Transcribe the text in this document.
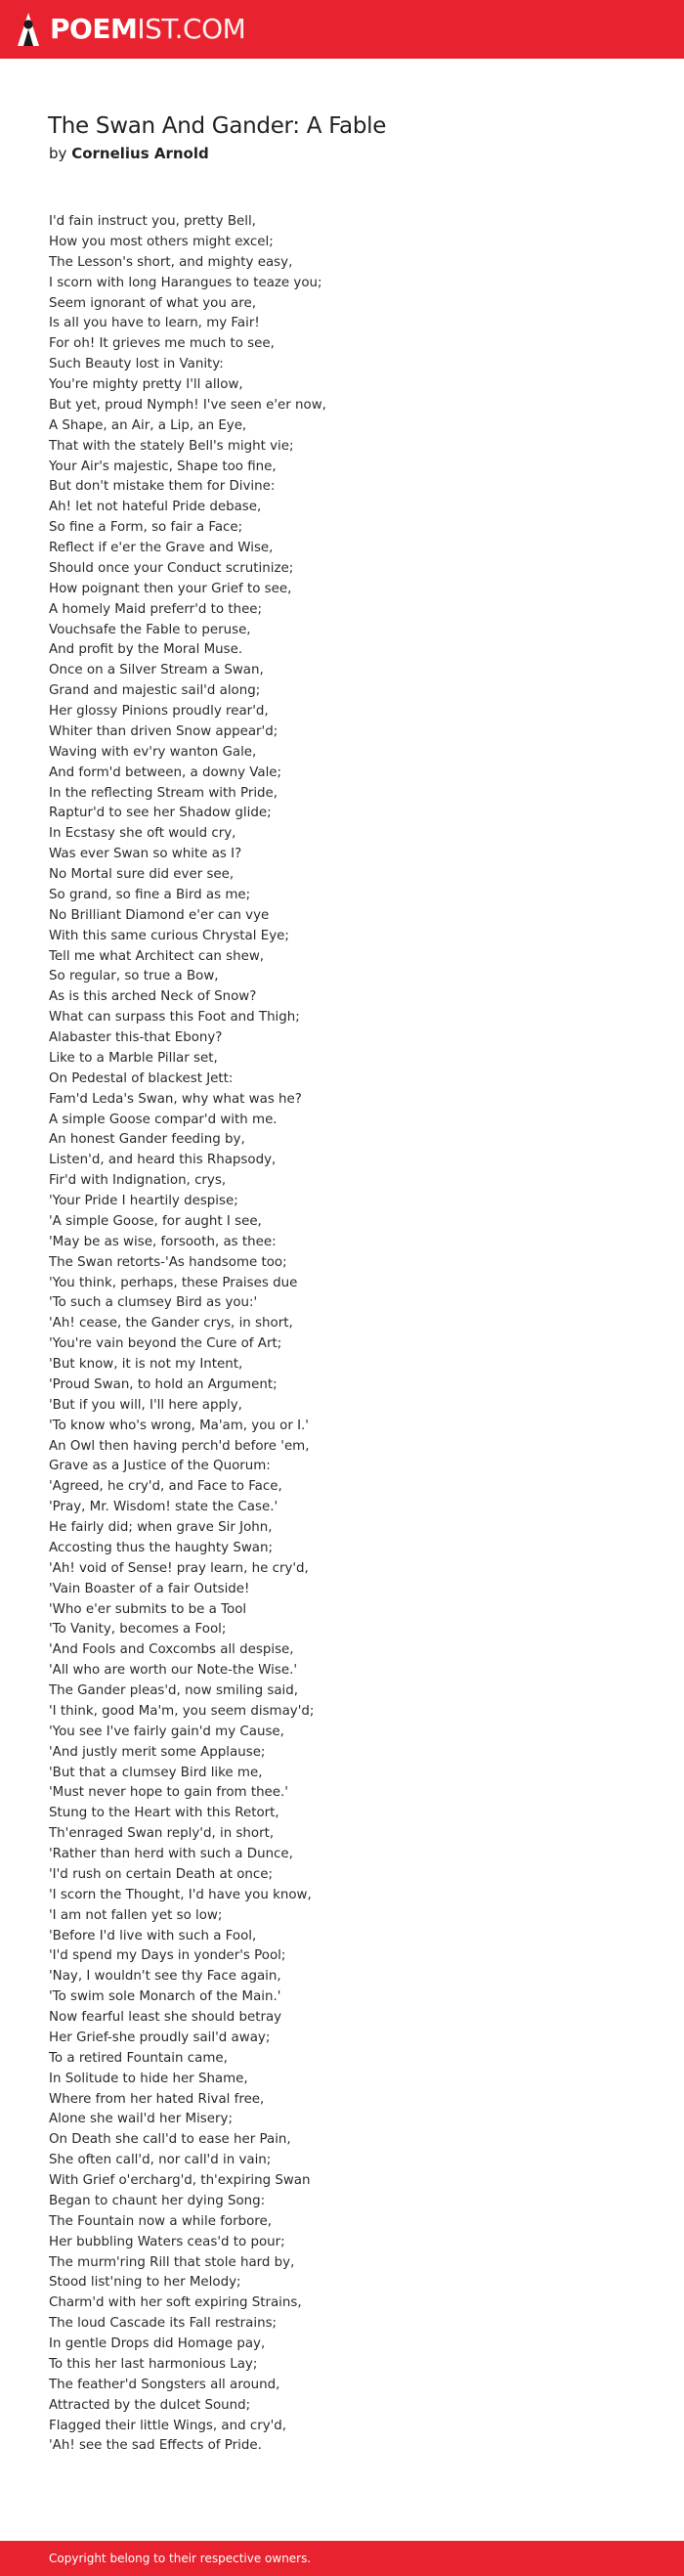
POEMIST.COM
The Swan And Gander: A Fable
by Cornelius Arnold
I'd fain instruct you, pretty Bell,
How you most others might excel;
The Lesson's short, and mighty easy,
I scorn with long Harangues to teaze you;
Seem ignorant of what you are,
Is all you have to learn, my Fair!
For oh! It grieves me much to see,
Such Beauty lost in Vanity:
You're mighty pretty I'll allow,
But yet, proud Nymph! I've seen e'er now,
A Shape, an Air, a Lip, an Eye,
That with the stately Bell's might vie;
Your Air's majestic, Shape too fine,
But don't mistake them for Divine:
Ah! let not hateful Pride debase,
So fine a Form, so fair a Face;
Reflect if e'er the Grave and Wise,
Should once your Conduct scrutinize;
How poignant then your Grief to see,
A homely Maid preferr'd to thee;
Vouchsafe the Fable to peruse,
And profit by the Moral Muse.
Once on a Silver Stream a Swan,
Grand and majestic sail'd along;
Her glossy Pinions proudly rear'd,
Whiter than driven Snow appear'd;
Waving with ev'ry wanton Gale,
And form'd between, a downy Vale;
In the reflecting Stream with Pride,
Raptur'd to see her Shadow glide;
In Ecstasy she oft would cry,
Was ever Swan so white as I?
No Mortal sure did ever see,
So grand, so fine a Bird as me;
No Brilliant Diamond e'er can vye
With this same curious Chrystal Eye;
Tell me what Architect can shew,
So regular, so true a Bow,
As is this arched Neck of Snow?
What can surpass this Foot and Thigh;
Alabaster this-that Ebony?
Like to a Marble Pillar set,
On Pedestal of blackest Jett:
Fam'd Leda's Swan, why what was he?
A simple Goose compar'd with me.
An honest Gander feeding by,
Listen'd, and heard this Rhapsody,
Fir'd with Indignation, crys,
'Your Pride I heartily despise;
'A simple Goose, for aught I see,
'May be as wise, forsooth, as thee:
The Swan retorts-'As handsome too;
'You think, perhaps, these Praises due
'To such a clumsey Bird as you:'
'Ah! cease, the Gander crys, in short,
'You're vain beyond the Cure of Art;
'But know, it is not my Intent,
'Proud Swan, to hold an Argument;
'But if you will, I'll here apply,
'To know who's wrong, Ma'am, you or I.'
An Owl then having perch'd before 'em,
Grave as a Justice of the Quorum:
'Agreed, he cry'd, and Face to Face,
'Pray, Mr. Wisdom! state the Case.'
He fairly did; when grave Sir John,
Accosting thus the haughty Swan;
'Ah! void of Sense! pray learn, he cry'd,
'Vain Boaster of a fair Outside!
'Who e'er submits to be a Tool
'To Vanity, becomes a Fool;
'And Fools and Coxcombs all despise,
'All who are worth our Note-the Wise.'
The Gander pleas'd, now smiling said,
'I think, good Ma'm, you seem dismay'd;
'You see I've fairly gain'd my Cause,
'And justly merit some Applause;
'But that a clumsey Bird like me,
'Must never hope to gain from thee.'
Stung to the Heart with this Retort,
Th'enraged Swan reply'd, in short,
'Rather than herd with such a Dunce,
'I'd rush on certain Death at once;
'I scorn the Thought, I'd have you know,
'I am not fallen yet so low;
'Before I'd live with such a Fool,
'I'd spend my Days in yonder's Pool;
'Nay, I wouldn't see thy Face again,
'To swim sole Monarch of the Main.'
Now fearful least she should betray
Her Grief-she proudly sail'd away;
To a retired Fountain came,
In Solitude to hide her Shame,
Where from her hated Rival free,
Alone she wail'd her Misery;
On Death she call'd to ease her Pain,
She often call'd, nor call'd in vain;
With Grief o'ercharg'd, th'expiring Swan
Began to chaunt her dying Song:
The Fountain now a while forbore,
Her bubbling Waters ceas'd to pour;
The murm'ring Rill that stole hard by,
Stood list'ning to her Melody;
Charm'd with her soft expiring Strains,
The loud Cascade its Fall restrains;
In gentle Drops did Homage pay,
To this her last harmonious Lay;
The feather'd Songsters all around,
Attracted by the dulcet Sound;
Flagged their little Wings, and cry'd,
'Ah! see the sad Effects of Pride.
Copyright belong to their respective owners.
